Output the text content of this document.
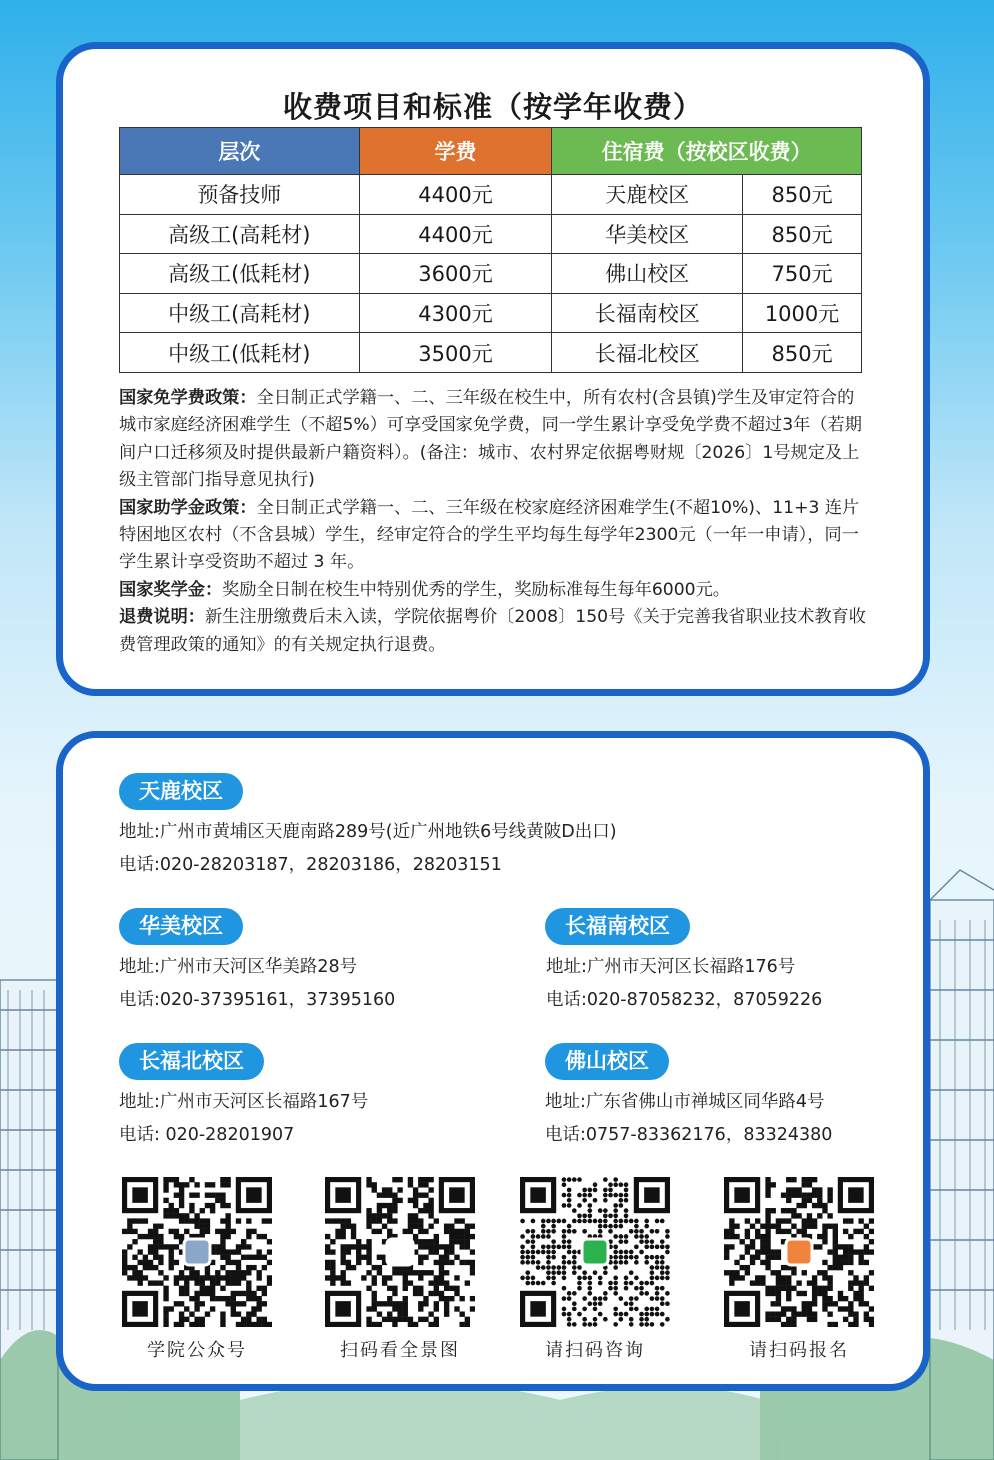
收费项目和标准（按学年收费）
层次	学费	住宿费（按校区收费）	
预备技师	4400元	天鹿校区	850元
高级工(高耗材)	4400元	华美校区	850元
高级工(低耗材)	3600元	佛山校区	750元
中级工(高耗材)	4300元	长福南校区	1000元
中级工(低耗材)	3500元	长福北校区	850元
国家免学费政策：全日制正式学籍一、二、三年级在校生中，所有农村(含县镇)学生及审定符合的城市家庭经济困难学生（不超5%）可享受国家免学费，同一学生累计享受免学费不超过3年（若期间户口迁移须及时提供最新户籍资料）。(备注：城市、农村界定依据粤财规〔2026〕1号规定及上级主管部门指导意见执行)
国家助学金政策：全日制正式学籍一、二、三年级在校家庭经济困难学生(不超10%)、11+3 连片特困地区农村（不含县城）学生，经审定符合的学生平均每生每学年2300元（一年一申请），同一学生累计享受资助不超过 3 年。
国家奖学金：奖励全日制在校生中特别优秀的学生，奖励标准每生每年6000元。
退费说明：新生注册缴费后未入读，学院依据粤价〔2008〕150号《关于完善我省职业技术教育收费管理政策的通知》的有关规定执行退费。
天鹿校区
地址:广州市黄埔区天鹿南路289号(近广州地铁6号线黄陂D出口)
电话:020-28203187，28203186，28203151
华美校区
地址:广州市天河区华美路28号
电话:020-37395161，37395160
长福南校区
地址:广州市天河区长福路176号
电话:020-87058232，87059226
长福北校区
地址:广州市天河区长福路167号
电话: 020-28201907
佛山校区
地址:广东省佛山市禅城区同华路4号
电话:0757-83362176，83324380
学院公众号	扫码看全景图	请扫码咨询	请扫码报名
